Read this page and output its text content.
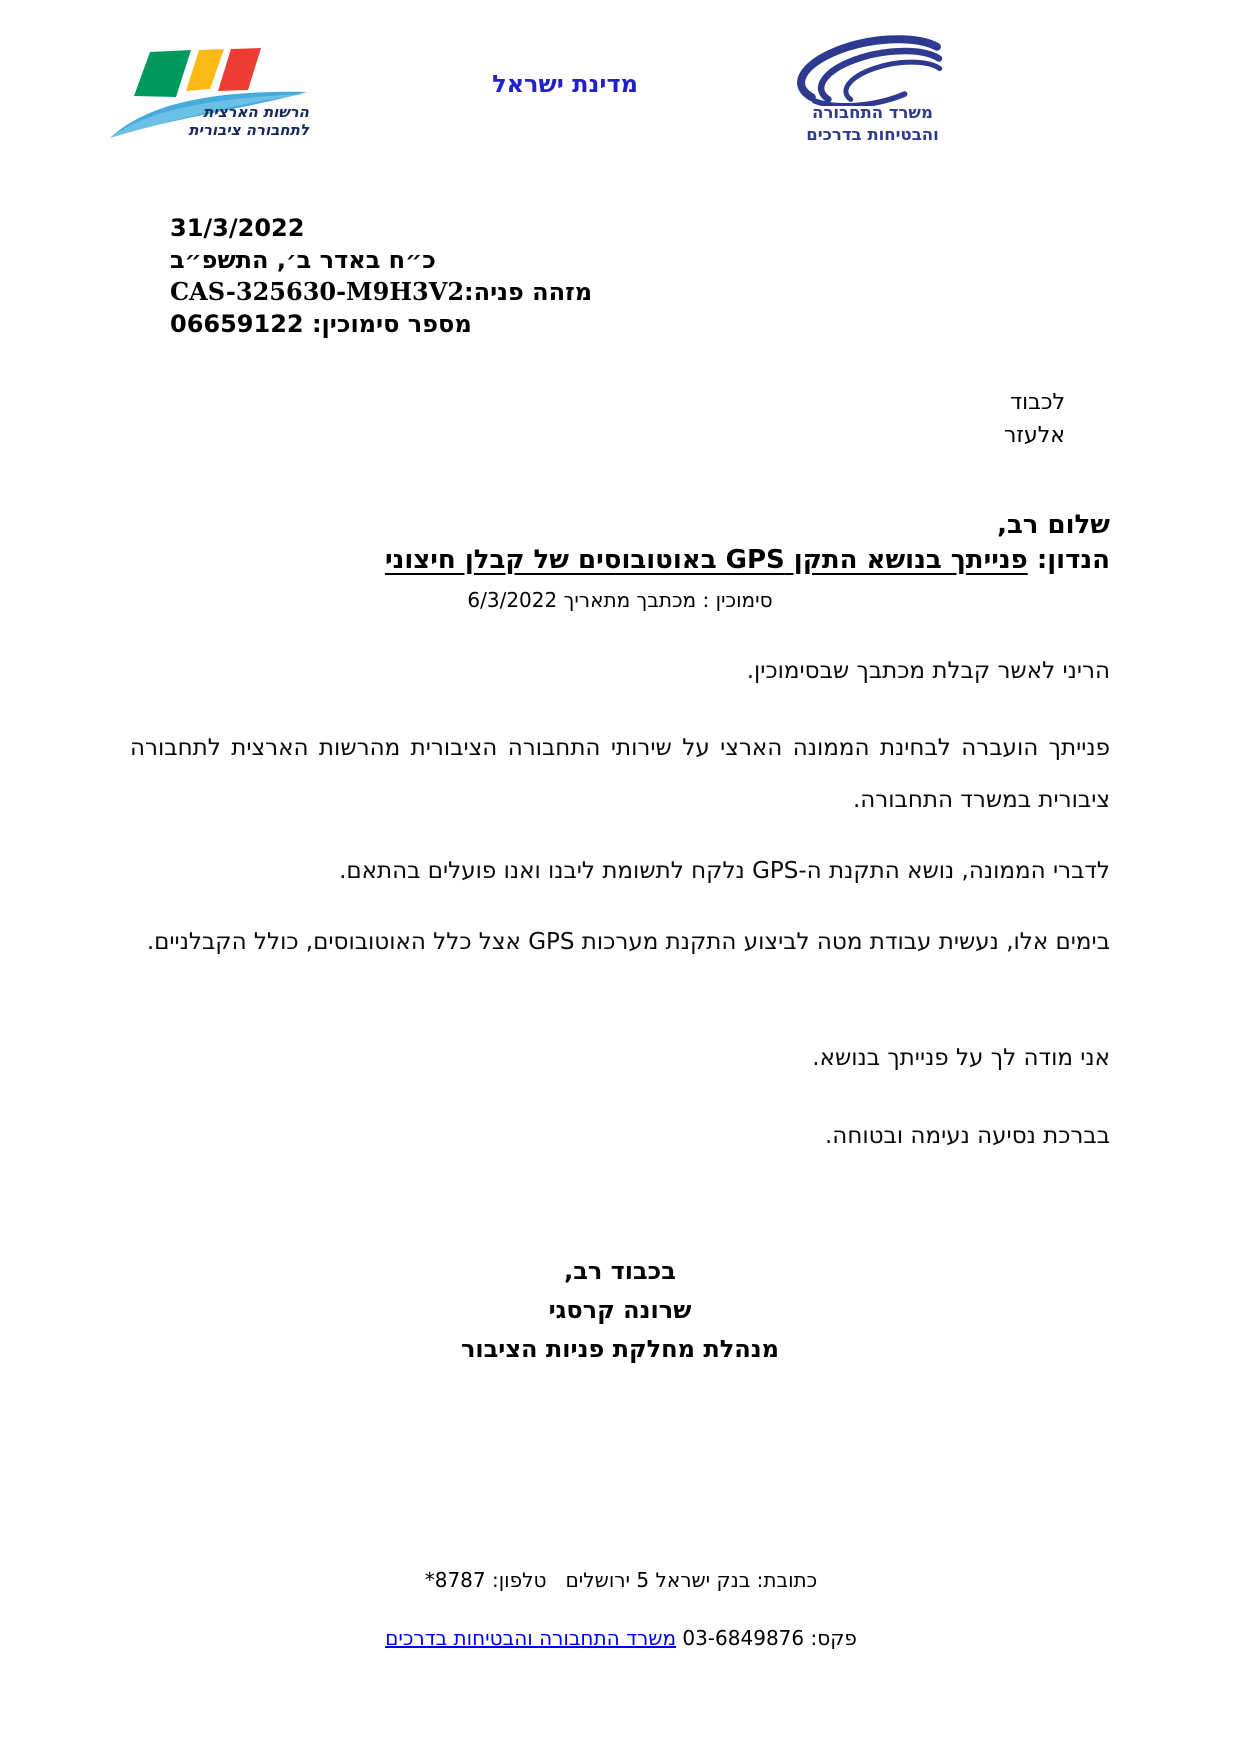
הרשות הארצית
לתחבורה ציבורית
מדינת ישראל
משרד התחבורה
והבטיחות בדרכים
31/3/2022
כ״ח באדר ב׳, התשפ״ב
מזהה פניה:CAS-325630-M9H3V2
מספר סימוכין: 06659122
לכבוד
אלעזר
שלום רב,
הנדון: פנייתך בנושא התקן GPS באוטובוסים של קבלן חיצוני
סימוכין : מכתבך מתאריך 6/3/2022
הריני לאשר קבלת מכתבך שבסימוכין.
פנייתך הועברה לבחינת הממונה הארצי על שירותי התחבורה הציבורית מהרשות הארצית לתחבורה ציבורית במשרד התחבורה.
לדברי הממונה, נושא התקנת ה-GPS נלקח לתשומת ליבנו ואנו פועלים בהתאם.
בימים אלו, נעשית עבודת מטה לביצוע התקנת מערכות GPS אצל כלל האוטובוסים, כולל הקבלניים.
אני מודה לך על פנייתך בנושא.
בברכת נסיעה נעימה ובטוחה.
בכבוד רב,
שרונה קרסגי
מנהלת מחלקת פניות הציבור
כתובת: בנק ישראל 5 ירושלים   טלפון: 8787*
פקס: 03-6849876 משרד התחבורה והבטיחות בדרכים
